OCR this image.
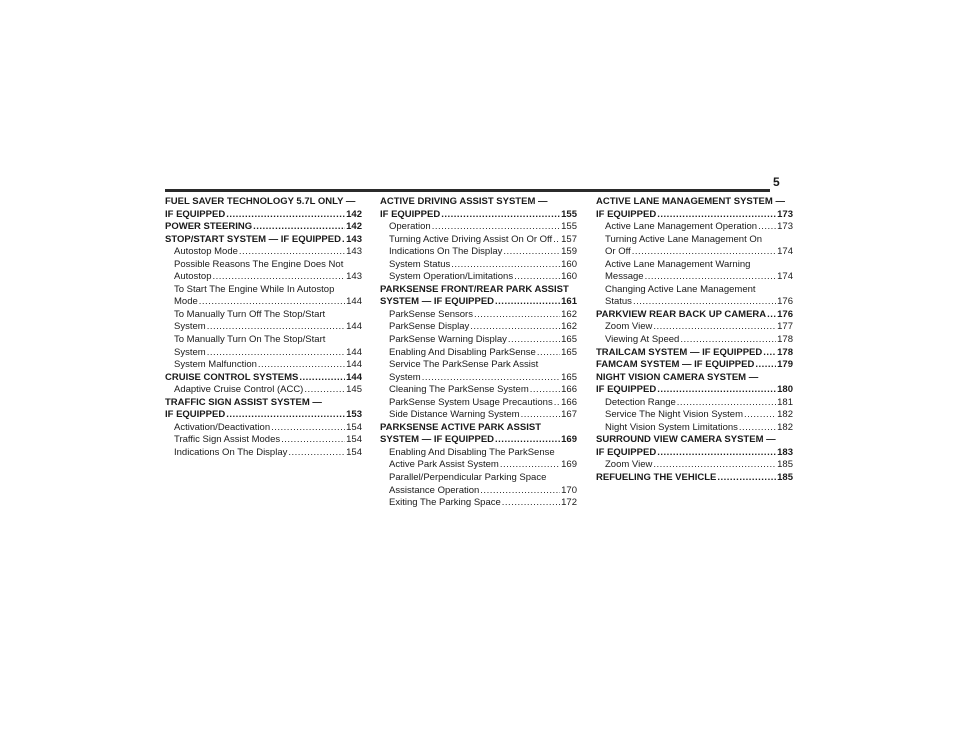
5
FUEL SAVER TECHNOLOGY 5.7L ONLY —
IF EQUIPPED .....	142
POWER STEERING .....	142
STOP/START SYSTEM — IF EQUIPPED ..... 143
Autostop Mode .....	143
Possible Reasons The Engine Does Not
Autostop .....	143
To Start The Engine While In Autostop
Mode .....	144
To Manually Turn Off The Stop/Start
System .....	144
To Manually Turn On The Stop/Start
System .....	144
System Malfunction .....	144
CRUISE CONTROL SYSTEMS .....	144
Adaptive Cruise Control (ACC) .....	145
TRAFFIC SIGN ASSIST SYSTEM —
IF EQUIPPED .....	153
Activation/Deactivation .....	154
Traffic Sign Assist Modes .....	154
Indications On The Display .....	154
ACTIVE DRIVING ASSIST SYSTEM —
IF EQUIPPED .....	155
Operation .....	155
Turning Active Driving Assist On Or Off ..... 157
Indications On The Display .....	159
System Status .....	160
System Operation/Limitations .....	160
PARKSENSE FRONT/REAR PARK ASSIST
SYSTEM — IF EQUIPPED .....	161
ParkSense Sensors .....	162
ParkSense Display .....	162
ParkSense Warning Display .....	165
Enabling And Disabling ParkSense .....	165
Service The ParkSense Park Assist
System .....	165
Cleaning The ParkSense System .....	166
ParkSense System Usage Precautions ..... 166
Side Distance Warning System .....	167
PARKSENSE ACTIVE PARK ASSIST
SYSTEM — IF EQUIPPED .....	169
Enabling And Disabling The ParkSense
Active Park Assist System .....	169
Parallel/Perpendicular Parking Space
Assistance Operation .....	170
Exiting The Parking Space .....	172
ACTIVE LANE MANAGEMENT SYSTEM —
IF EQUIPPED .....	173
Active Lane Management Operation ..... 173
Turning Active Lane Management On
Or Off .....	174
Active Lane Management Warning
Message .....	174
Changing Active Lane Management
Status .....	176
PARKVIEW REAR BACK UP CAMERA ..... 176
Zoom View .....	177
Viewing At Speed .....	178
TRAILCAM SYSTEM — IF EQUIPPED ..... 178
FAMCAM SYSTEM — IF EQUIPPED ..... 179
NIGHT VISION CAMERA SYSTEM —
IF EQUIPPED .....	180
Detection Range .....	181
Service The Night Vision System .....	182
Night Vision System Limitations .....	182
SURROUND VIEW CAMERA SYSTEM —
IF EQUIPPED .....	183
Zoom View .....	185
REFUELING THE VEHICLE .....	185
